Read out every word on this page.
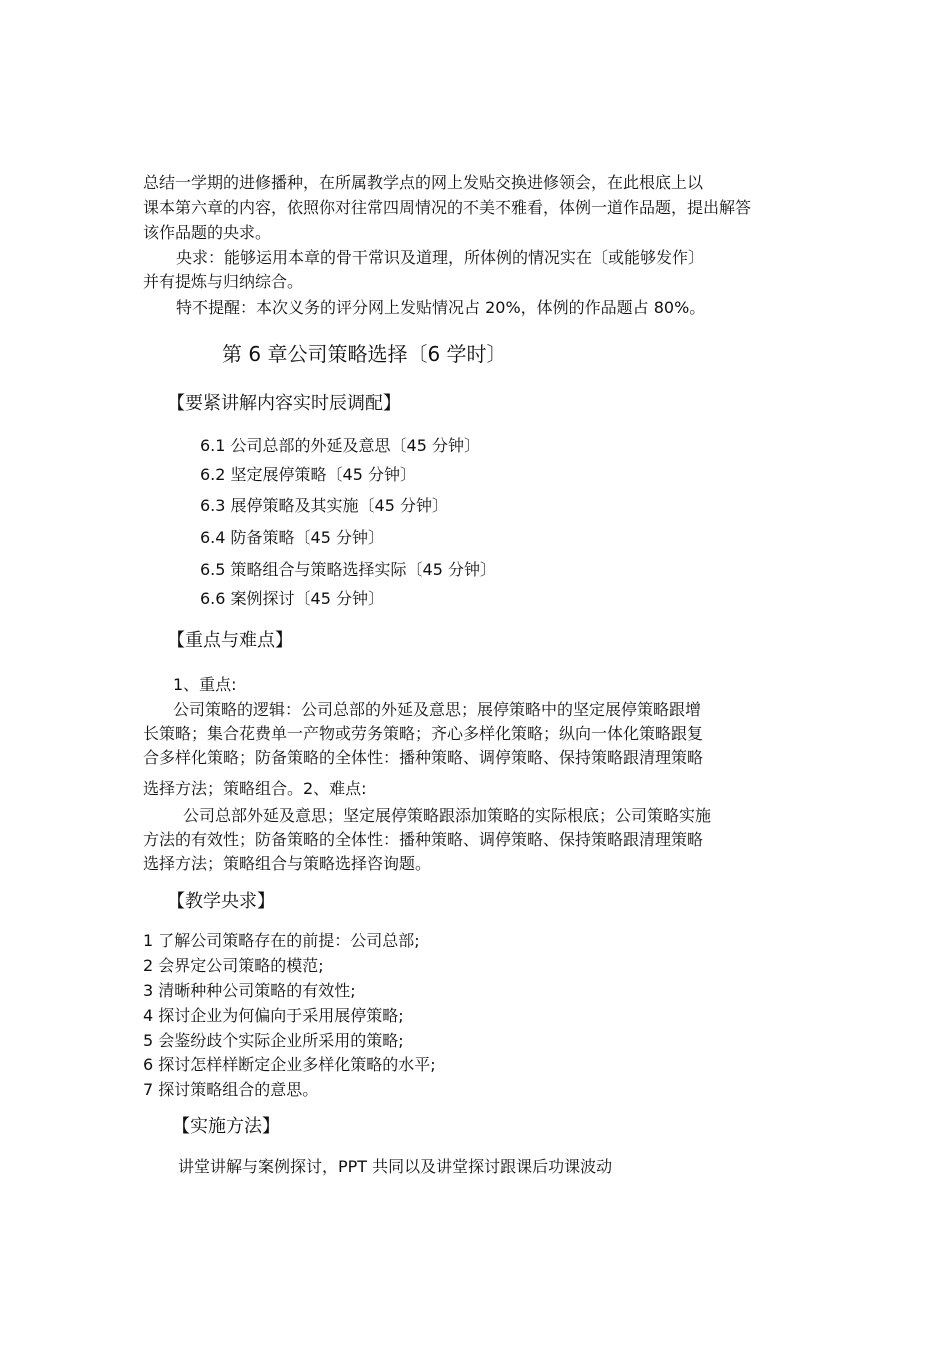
总结一学期的进修播种，在所属教学点的网上发贴交换进修领会，在此根底上以
课本第六章的内容，依照你对往常四周情况的不美不雅看，体例一道作品题，提出解答
该作品题的央求。
央求：能够运用本章的骨干常识及道理，所体例的情况实在〔或能够发作〕
并有提炼与归纳综合。
特不提醒：本次义务的评分网上发贴情况占 20%，体例的作品题占 80%。
第 6 章公司策略选择〔6 学时〕
【要紧讲解内容实时辰调配】
6.1 公司总部的外延及意思〔45 分钟〕
6.2 坚定展停策略〔45 分钟〕
6.3 展停策略及其实施〔45 分钟〕
6.4 防备策略〔45 分钟〕
6.5 策略组合与策略选择实际〔45 分钟〕
6.6 案例探讨〔45 分钟〕
【重点与难点】
1、重点:
公司策略的逻辑：公司总部的外延及意思；展停策略中的坚定展停策略跟增
长策略；集合花费单一产物或劳务策略；齐心多样化策略；纵向一体化策略跟复
合多样化策略；防备策略的全体性：播种策略、调停策略、保持策略跟清理策略
选择方法；策略组合。2、难点:
公司总部外延及意思；坚定展停策略跟添加策略的实际根底；公司策略实施
方法的有效性；防备策略的全体性：播种策略、调停策略、保持策略跟清理策略
选择方法；策略组合与策略选择咨询题。
【教学央求】
1 了解公司策略存在的前提：公司总部;
2 会界定公司策略的模范;
3 清晰种种公司策略的有效性;
4 探讨企业为何偏向于采用展停策略;
5 会鉴纷歧个实际企业所采用的策略;
6 探讨怎样样断定企业多样化策略的水平;
7 探讨策略组合的意思。
【实施方法】
讲堂讲解与案例探讨，PPT 共同以及讲堂探讨跟课后功课波动
